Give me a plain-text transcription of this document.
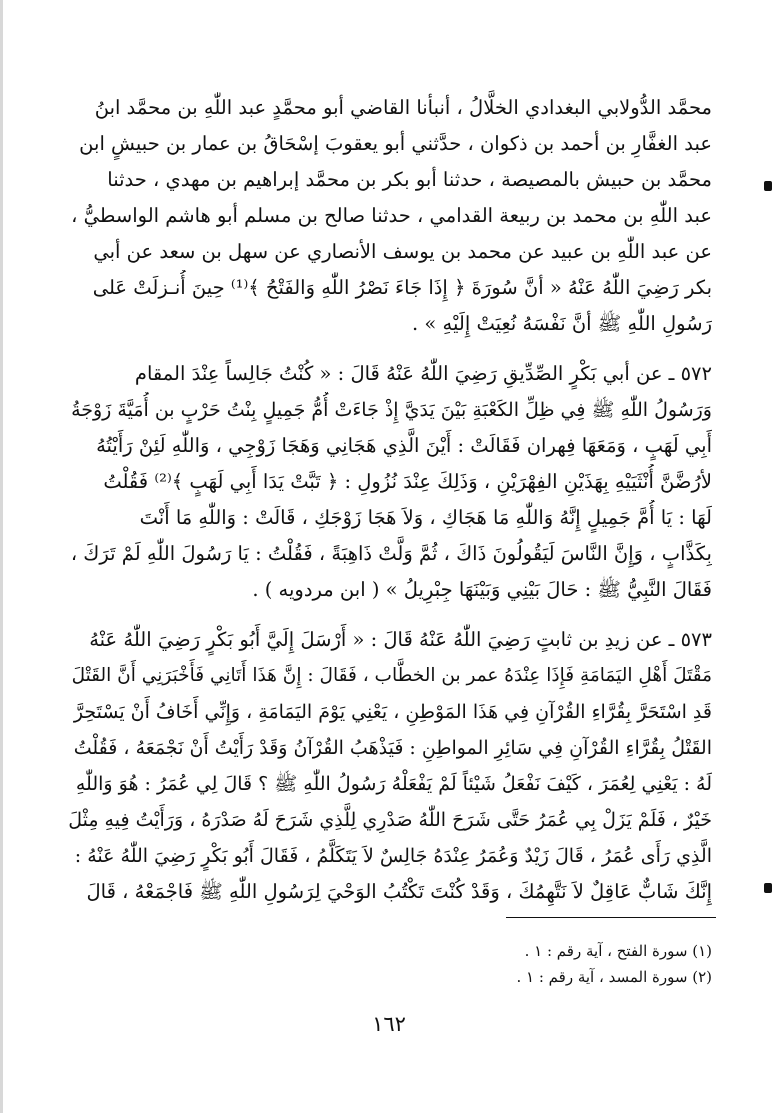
محمَّد الدُّولابي البغدادي الخلَّالُ ، أنبأنا القاضي أبو محمَّدٍ عبد اللّٰهِ بن محمَّد ابنُ
عبد الغفَّارِ بن أحمد بن ذكوان ، حدَّثني أبو يعقوبَ إسْحَاقُ بن عمار بن حبيشٍ ابن
محمَّد بن حبيش بالمصيصة ، حدثنا أبو بكر بن محمَّد إبراهيم بن مهدي ، حدثنا
عبد اللّٰهِ بن محمد بن ربيعة القدامي ، حدثنا صالح بن مسلم أبو هاشم الواسطيُّ ،
عن عبد اللّٰهِ بن عبيد عن محمد بن يوسف الأنصاري عن سهل بن سعد عن أبي
بكر رَضِيَ اللّٰهُ عَنْهُ « أنَّ سُورَةَ ﴿ إِذَا جَاءَ نَصْرُ اللّٰهِ وَالفَتْحُ ﴾⁽¹⁾ حِينَ أُنـزلَتْ عَلى
رَسُولِ اللّٰهِ ﷺ أنَّ نَفْسَهُ نُعِيَتْ إِلَيْهِ » .
٥٧٢ ـ عن أبي بَكْرٍ الصِّدِّيقِ رَضِيَ اللّٰهُ عَنْهُ قَالَ : « كُنْتُ جَالِساً عِنْدَ المقام
وَرَسُولُ اللّٰهِ ﷺ فِي ظِلِّ الكَعْبَةِ بَيْنَ يَدَيَّ إِذْ جَاءَتْ أُمُّ جَمِيلٍ بِنْتُ حَرْبٍ بن أُمَيَّةَ زَوْجَةُ
أَبِي لَهَبٍ ، وَمَعَهَا فِهران فَقَالَتْ : أَيْنَ الَّذِي هَجَانِي وَهَجَا زَوْجِي ، وَاللّٰهِ لَئِنْ رَأَيْتُهُ
لأرُضَّنَّ أُنْثَيَيْهِ بِهَذَيْنِ الفِهْرَيْنِ ، وَذَلِكَ عِنْدَ نُزُولِ : ﴿ تَبَّتْ يَدَا أَبِي لَهَبٍ ﴾⁽²⁾ فَقُلْتُ
لَهَا : يَا أُمَّ جَمِيلٍ إِنَّهُ وَاللّٰهِ مَا هَجَاكِ ، وَلاَ هَجَا زَوْجَكِ ، قَالَتْ : وَاللّٰهِ مَا أَنْتَ
بِكَذَّابٍ ، وَإِنَّ النَّاسَ لَيَقُولُونَ ذَاكَ ، ثُمَّ وَلَّتْ ذَاهِبَةً ، فَقُلْتُ : يَا رَسُولَ اللّٰهِ لَمْ تَرَكَ ،
فَقَالَ النَّبِيُّ ﷺ : حَالَ بَيْنِي وَبَيْنَهَا جِبْرِيلُ » ( ابن مردويه ) .
٥٧٣ ـ عن زيدِ بن ثابتٍ رَضِيَ اللّٰهُ عَنْهُ قَالَ : « أَرْسَلَ إِلَيَّ أَبُو بَكْرٍ رَضِيَ اللّٰهُ عَنْهُ
مَقْتَلَ أَهْلِ اليَمَامَةِ فَإِذَا عِنْدَهُ عمر بن الخطَّاب ، فَقَالَ : إِنَّ هَذَا أَتَانِي فَأَخْبَرَنِي أَنَّ القَتْلَ
قَدِ اسْتَحَرَّ بِقُرَّاءِ القُرْآنِ فِي هَذَا المَوْطِنِ ، يَعْنِي يَوْمَ اليَمَامَةِ ، وَإِنِّي أَخَافُ أَنْ يَسْتَحِرَّ
القَتْلُ بِقُرَّاءِ القُرْآنِ فِي سَائِرِ المواطِنِ : فَيَذْهَبُ القُرْآنُ وَقَدْ رَأَيْتُ أَنْ نَجْمَعَهُ ، فَقُلْتُ
لَهُ : يَعْنِي لِعُمَرَ ، كَيْفَ نَفْعَلُ شَيْئاً لَمْ يَفْعَلْهُ رَسُولُ اللّٰهِ ﷺ ؟ قَالَ لِي عُمَرُ : هُوَ وَاللّٰهِ
خَيْرٌ ، فَلَمْ يَزَلْ بِي عُمَرُ حَتَّى شَرَحَ اللّٰهُ صَدْرِي لِلَّذِي شَرَحَ لَهُ صَدْرَهُ ، وَرَأَيْتُ فِيهِ مِثْلَ
الَّذِي رَأَى عُمَرُ ، قَالَ زَيْدٌ وَعُمَرُ عِنْدَهُ جَالِسٌ لاَ يَتَكَلَّمُ ، فَقَالَ أَبُو بَكْرٍ رَضِيَ اللّٰهُ عَنْهُ :
إِنَّكَ شَابٌّ عَاقِلٌ لاَ نَتَّهِمُكَ ، وَقَدْ كُنْتَ تَكْتُبُ الوَحْيَ لِرَسُولِ اللّٰهِ ﷺ فَاجْمَعْهُ ، قَالَ
(١) سورة الفتح ، آية رقم : ١ .
(٢) سورة المسد ، آية رقم : ١ .
١٦٢
